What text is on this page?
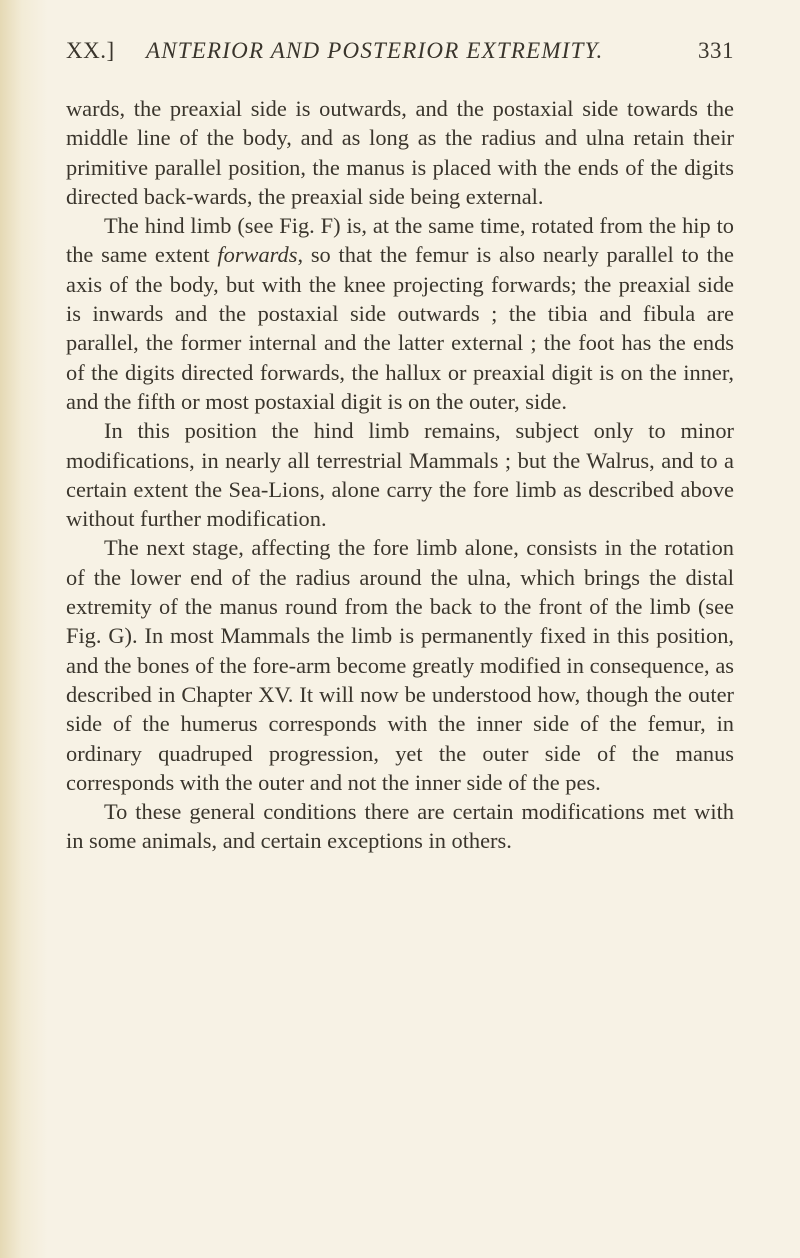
XX.] ANTERIOR AND POSTERIOR EXTREMITY.	331

wards, the preaxial side is outwards, and the postaxial side towards the middle line of the body, and as long as the radius and ulna retain their primitive parallel position, the manus is placed with the ends of the digits directed back-wards, the preaxial side being external.

The hind limb (see Fig. F) is, at the same time, rotated from the hip to the same extent forwards, so that the femur is also nearly parallel to the axis of the body, but with the knee projecting forwards; the preaxial side is inwards and the postaxial side outwards ; the tibia and fibula are parallel, the former internal and the latter external ; the foot has the ends of the digits directed forwards, the hallux or preaxial digit is on the inner, and the fifth or most postaxial digit is on the outer, side.

In this position the hind limb remains, subject only to minor modifications, in nearly all terrestrial Mammals ; but the Walrus, and to a certain extent the Sea-Lions, alone carry the fore limb as described above without further modification.

The next stage, affecting the fore limb alone, consists in the rotation of the lower end of the radius around the ulna, which brings the distal extremity of the manus round from the back to the front of the limb (see Fig. G). In most Mammals the limb is permanently fixed in this position, and the bones of the fore-arm become greatly modified in consequence, as described in Chapter XV. It will now be understood how, though the outer side of the humerus corresponds with the inner side of the femur, in ordinary quadruped progression, yet the outer side of the manus corresponds with the outer and not the inner side of the pes.

To these general conditions there are certain modifications met with in some animals, and certain exceptions in others.
